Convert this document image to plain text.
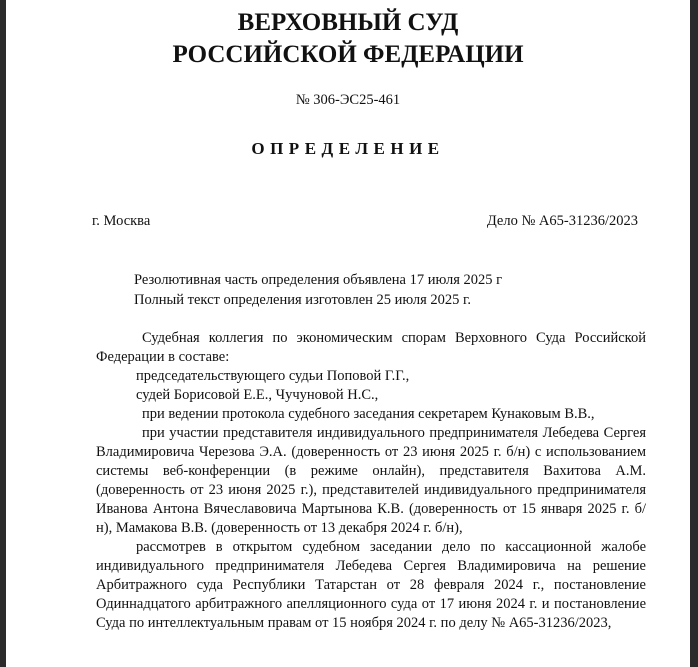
ВЕРХОВНЫЙ СУД
РОССИЙСКОЙ ФЕДЕРАЦИИ
№ 306-ЭС25-461
ОПРЕДЕЛЕНИЕ
г. Москва	Дело № А65-31236/2023
Резолютивная часть определения объявлена 17 июля 2025 г
Полный текст определения изготовлен 25 июля 2025 г.

Судебная коллегия по экономическим спорам Верховного Суда Российской Федерации в составе:

председательствующего судьи Поповой Г.Г.,

судей Борисовой Е.Е., Чучуновой Н.С.,

при ведении протокола судебного заседания секретарем Кунаковым В.В.,

при участии представителя индивидуального предпринимателя Лебедева Сергея Владимировича Черезова Э.А. (доверенность от 23 июня 2025 г. б/н) с использованием системы веб-конференции (в режиме онлайн), представителя Вахитова А.М. (доверенность от 23 июня 2025 г.), представителей индивидуального предпринимателя Иванова Антона Вячеславовича Мартынова К.В. (доверенность от 15 января 2025 г. б/н), Мамакова В.В. (доверенность от 13 декабря 2024 г. б/н),

рассмотрев в открытом судебном заседании дело по кассационной жалобе индивидуального предпринимателя Лебедева Сергея Владимировича на решение Арбитражного суда Республики Татарстан от 28 февраля 2024 г., постановление Одиннадцатого арбитражного апелляционного суда от 17 июня 2024 г. и постановление Суда по интеллектуальным правам от 15 ноября 2024 г. по делу № А65-31236/2023,
